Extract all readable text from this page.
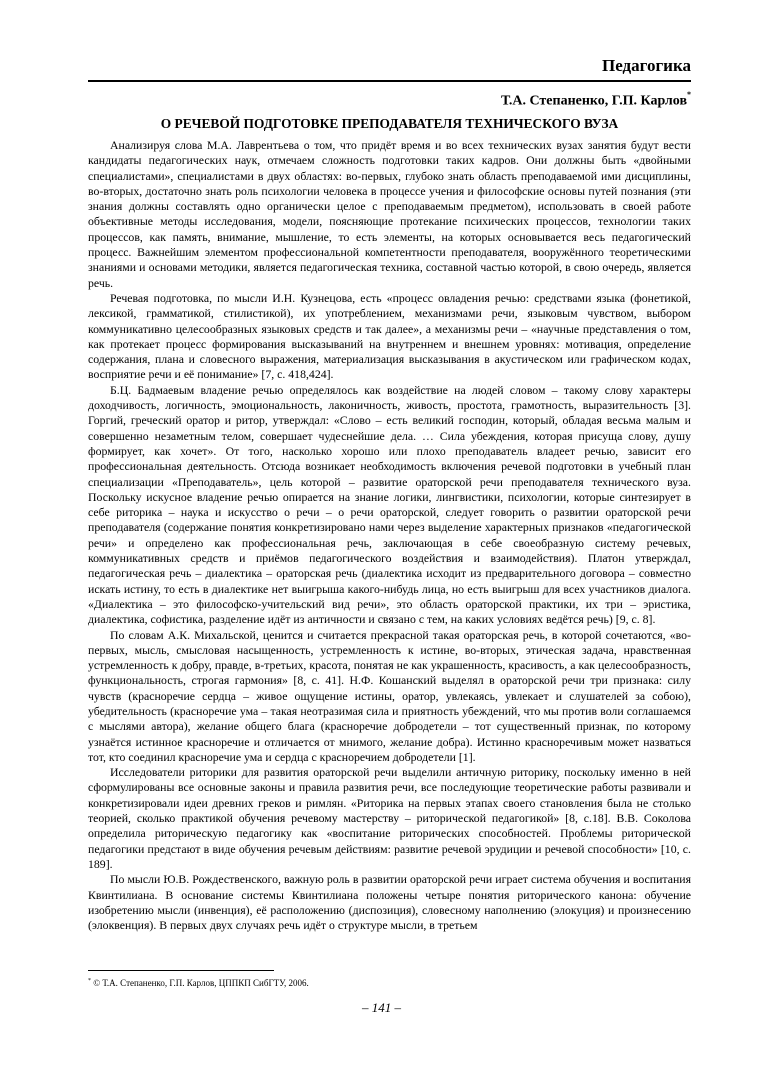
Педагогика
Т.А. Степаненко, Г.П. Карлов*
О РЕЧЕВОЙ ПОДГОТОВКЕ ПРЕПОДАВАТЕЛЯ ТЕХНИЧЕСКОГО ВУЗА

Анализируя слова М.А. Лаврентьева о том, что придёт время и во всех технических вузах занятия будут вести кандидаты педагогических наук, отмечаем сложность подготовки таких кадров. Они должны быть «двойными специалистами», специалистами в двух областях: во-первых, глубоко знать область преподаваемой ими дисциплины, во-вторых, достаточно знать роль психологии человека в процессе учения и философские основы путей познания (эти знания должны составлять одно органически целое с преподаваемым предметом), использовать в своей работе объективные методы исследования, модели, поясняющие протекание психических процессов, технологии таких процессов, как память, внимание, мышление, то есть элементы, на которых основывается весь педагогический процесс. Важнейшим элементом профессиональной компетентности преподавателя, вооружённого теоретическими знаниями и основами методики, является педагогическая техника, составной частью которой, в свою очередь, является речь.

Речевая подготовка, по мысли И.Н. Кузнецова, есть «процесс овладения речью: средствами языка (фонетикой, лексикой, грамматикой, стилистикой), их употреблением, механизмами речи, языковым чувством, выбором коммуникативно целесообразных языковых средств и так далее», а механизмы речи – «научные представления о том, как протекает процесс формирования высказываний на внутреннем и внешнем уровнях: мотивация, определение содержания, плана и словесного выражения, материализация высказывания в акустическом или графическом кодах, восприятие речи и её понимание» [7, с. 418,424].

Б.Ц. Бадмаевым владение речью определялось как воздействие на людей словом – такому слову характеры доходчивость, логичность, эмоциональность, лаконичность, живость, простота, грамотность, выразительность [3]. Горгий, греческий оратор и ритор, утверждал: «Слово – есть великий господин, который, обладая весьма малым и совершенно незаметным телом, совершает чудеснейшие дела. … Сила убеждения, которая присуща слову, душу формирует, как хочет». От того, насколько хорошо или плохо преподаватель владеет речью, зависит его профессиональная деятельность. Отсюда возникает необходимость включения речевой подготовки в учебный план специализации «Преподаватель», цель которой – развитие ораторской речи преподавателя технического вуза. Поскольку искусное владение речью опирается на знание логики, лингвистики, психологии, которые синтезирует в себе риторика – наука и искусство о речи – о речи ораторской, следует говорить о развитии ораторской речи преподавателя (содержание понятия конкретизировано нами через выделение характерных признаков «педагогической речи» и определено как профессиональная речь, заключающая в себе своеобразную систему речевых, коммуникативных средств и приёмов педагогического воздействия и взаимодействия). Платон утверждал, педагогическая речь – диалектика – ораторская речь (диалектика исходит из предварительного договора – совместно искать истину, то есть в диалектике нет выигрыша какого-нибудь лица, но есть выигрыш для всех участников диалога. «Диалектика – это философско-учительский вид речи», это область ораторской практики, их три – эристика, диалектика, софистика, разделение идёт из античности и связано с тем, на каких условиях ведётся речь) [9, с. 8].

По словам А.К. Михальской, ценится и считается прекрасной такая ораторская речь, в которой сочетаются, «во-первых, мысль, смысловая насыщенность, устремленность к истине, во-вторых, этическая задача, нравственная устремленность к добру, правде, в-третьих, красота, понятая не как украшенность, красивость, а как целесообразность, функциональность, строгая гармония» [8, с. 41]. Н.Ф. Кошанский выделял в ораторской речи три признака: силу чувств (красноречие сердца – живое ощущение истины, оратор, увлекаясь, увлекает и слушателей за собою), убедительность (красноречие ума – такая неотразимая сила и приятность убеждений, что мы против воли соглашаемся с мыслями автора), желание общего блага (красноречие добродетели – тот существенный признак, по которому узнаётся истинное красноречие и отличается от мнимого, желание добра). Истинно красноречивым может назваться тот, кто соединил красноречие ума и сердца с красноречием добродетели [1].

Исследователи риторики для развития ораторской речи выделили античную риторику, поскольку именно в ней сформулированы все основные законы и правила развития речи, все последующие теоретические работы развивали и конкретизировали идеи древних греков и римлян. «Риторика на первых этапах своего становления была не столько теорией, сколько практикой обучения речевому мастерству – риторической педагогикой» [8, с.18]. В.В. Соколова определила риторическую педагогику как «воспитание риторических способностей. Проблемы риторической педагогики предстают в виде обучения речевым действиям: развитие речевой эрудиции и речевой способности» [10, с. 189].

По мысли Ю.В. Рождественского, важную роль в развитии ораторской речи играет система обучения и воспитания Квинтилиана. В основание системы Квинтилиана положены четыре понятия риторического канона: обучение изобретению мысли (инвенция), её расположению (диспозиция), словесному наполнению (элокуция) и произнесению (элоквенция). В первых двух случаях речь идёт о структуре мысли, в третьем

* © Т.А. Степаненко, Г.П. Карлов, ЦППКП СибГТУ, 2006.
– 141 –
